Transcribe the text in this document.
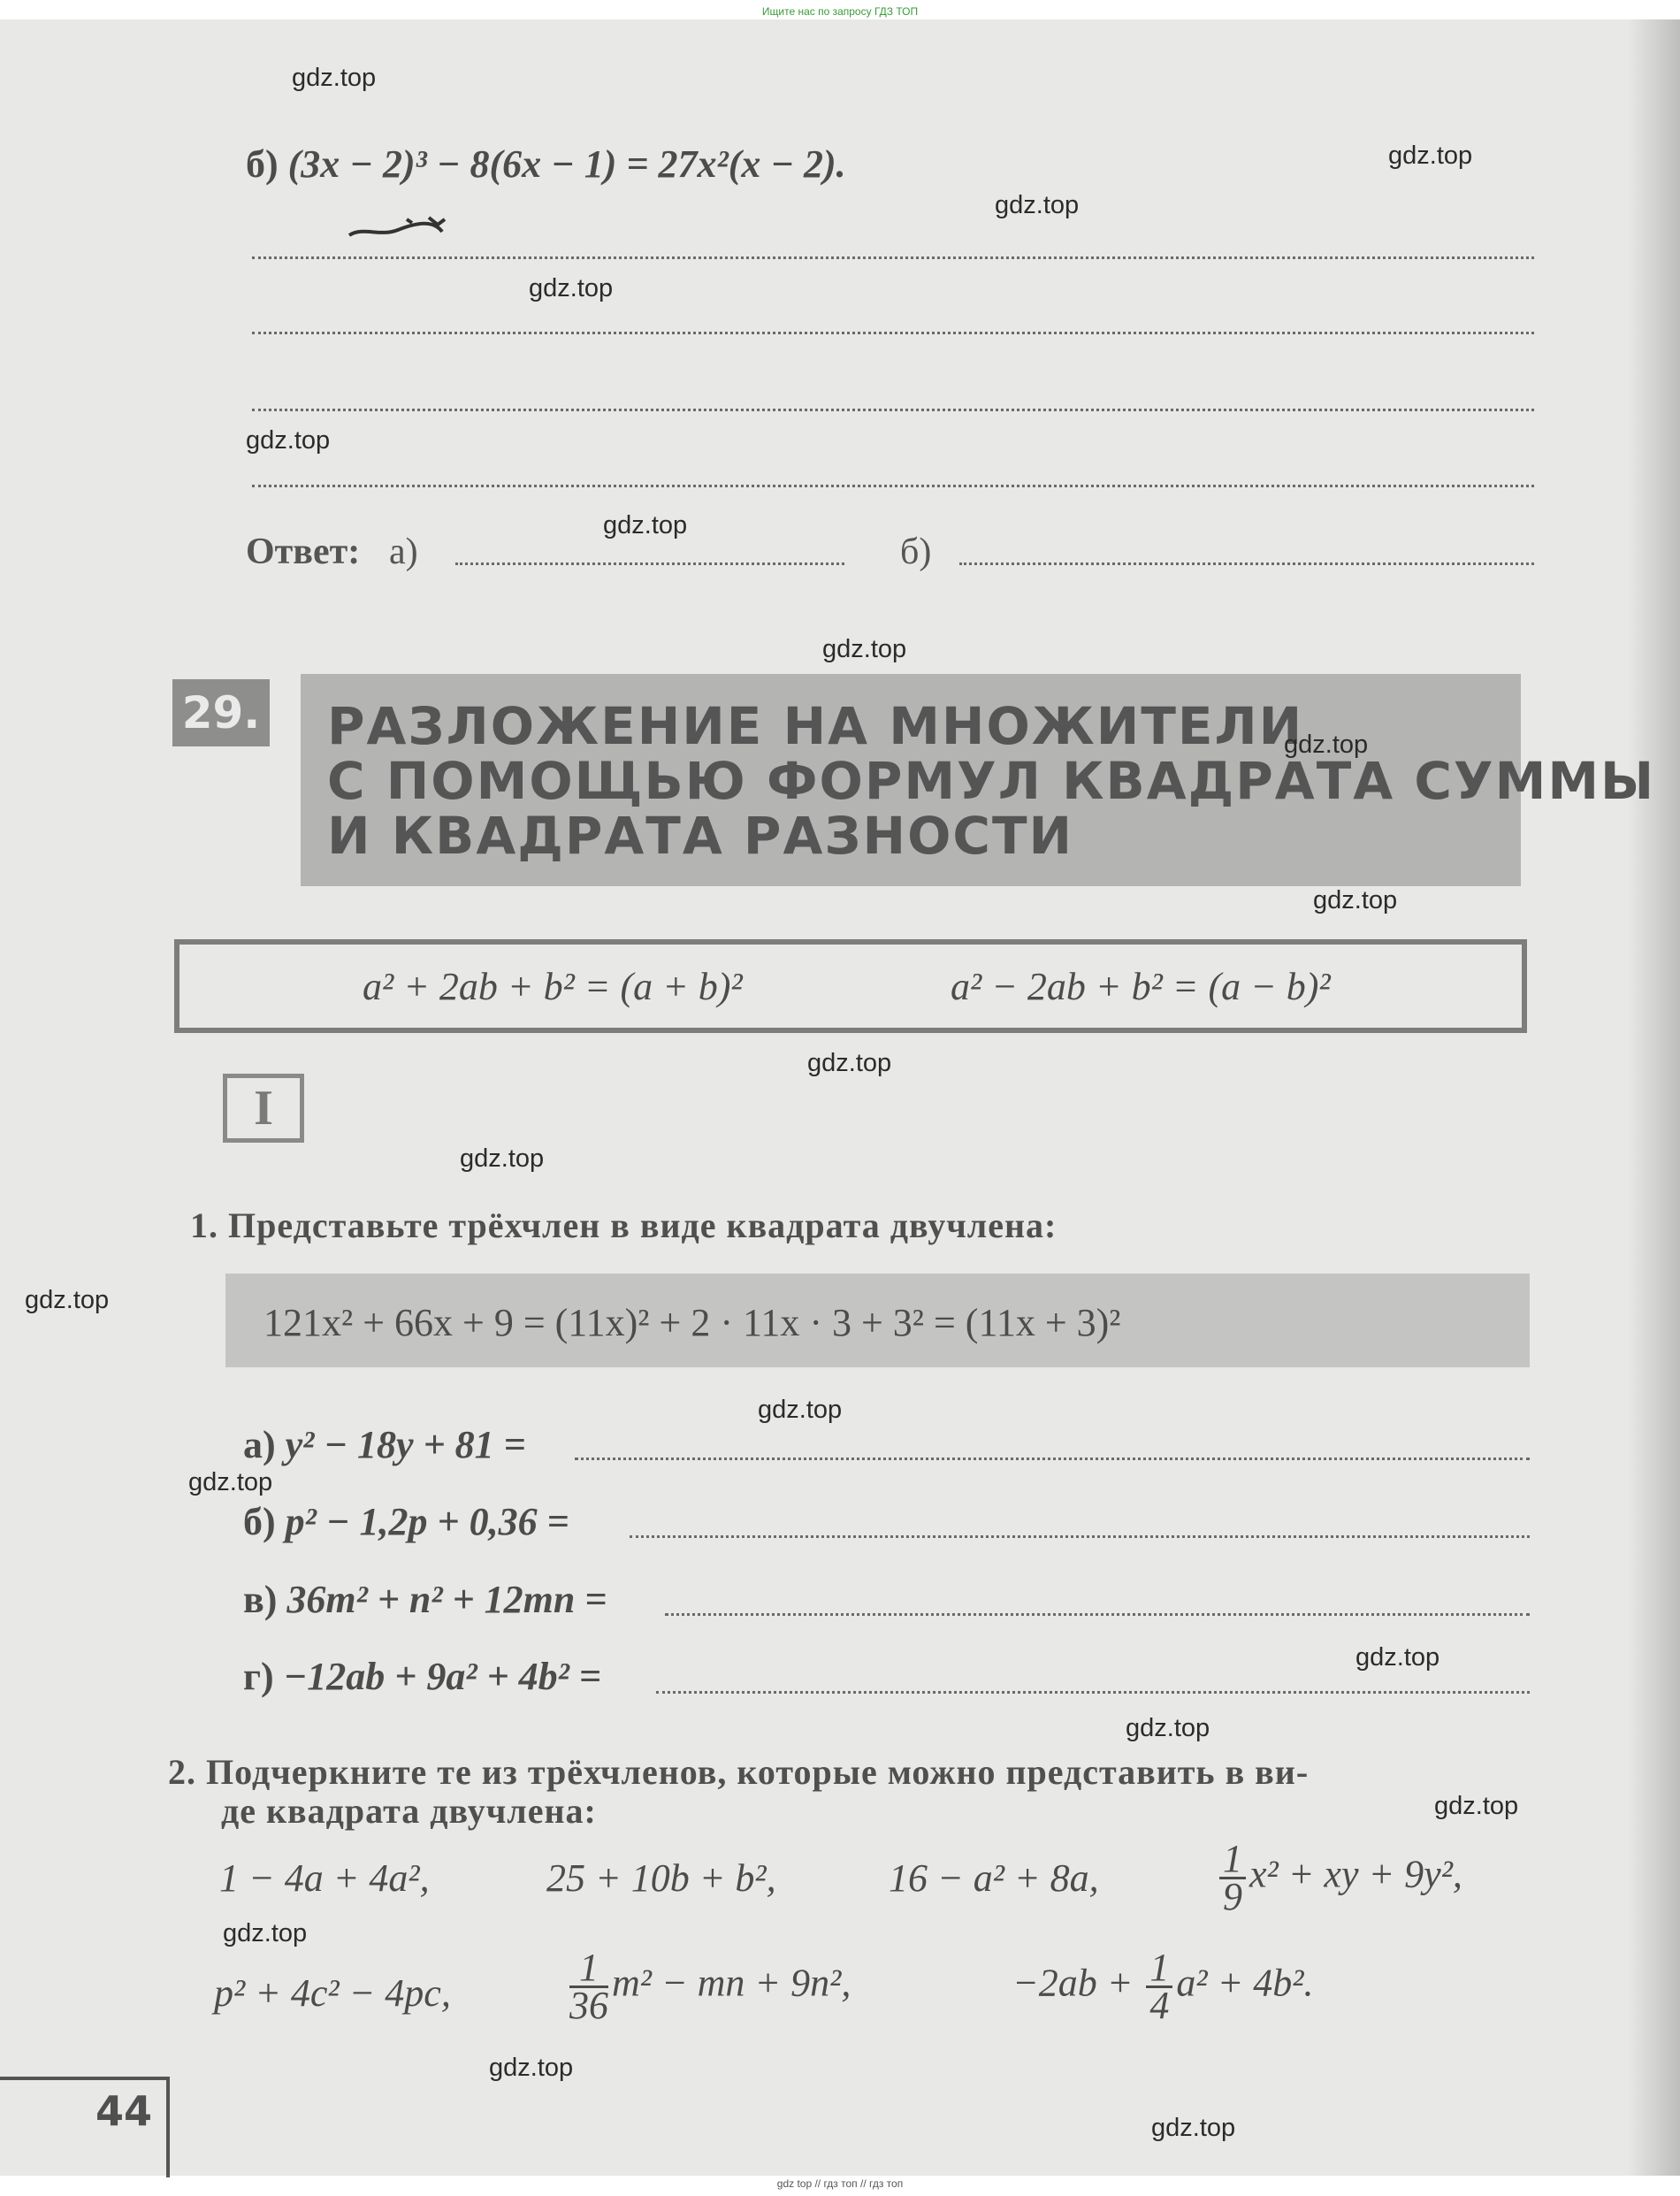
Ищите нас по запросу ГДЗ ТОП
б) (3x − 2)³ − 8(6x − 1) = 27x²(x − 2).
Ответ: а)	б)
29. РАЗЛОЖЕНИЕ НА МНОЖИТЕЛИ
С ПОМОЩЬЮ ФОРМУЛ КВАДРАТА СУММЫ
И КВАДРАТА РАЗНОСТИ
a² + 2ab + b² = (a + b)²	a² − 2ab + b² = (a − b)²
I
1. Представьте трёхчлен в виде квадрата двучлена:
121x² + 66x + 9 = (11x)² + 2 · 11x · 3 + 3² = (11x + 3)²
а) y² − 18y + 81 =
б) p² − 1,2p + 0,36 =
в) 36m² + n² + 12mn =
г) −12ab + 9a² + 4b² =
2. Подчеркните те из трёхчленов, которые можно представить в ви-
де квадрата двучлена:
1 − 4a + 4a²,	25 + 10b + b²,	16 − a² + 8a,	$\frac{1}{9} x^2$ + xy + 9y²,
p² + 4c² − 4pc,	$\frac{1}{36} m^2$ − mn + 9n²,	$-2ab + \frac{1}{4} a^2 + 4b^2$.
44
gdz.top
gdz.top
gdz.top
gdz.top
gdz.top
gdz.top
gdz.top
gdz.top
gdz.top
gdz.top
gdz.top
gdz.top
gdz.top
gdz.top
gdz.top
gdz.top
gdz.top
gdz.top
gdz.top
gdz.top
gdz top // гдз топ // гдз топ
